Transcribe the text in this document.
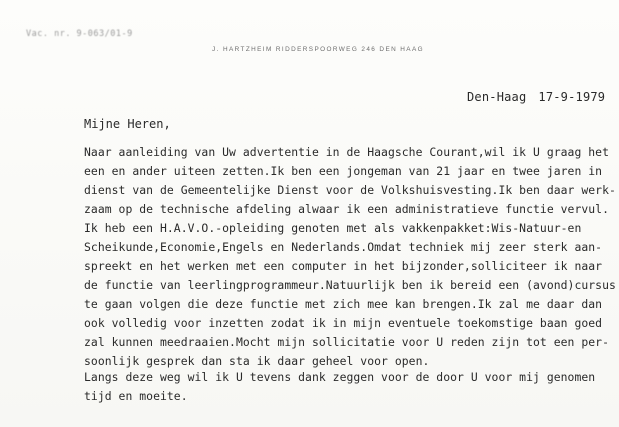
Vac. nr. 9-063/01-9
J. HARTZHEIM RIDDERSPOORWEG 246 DEN HAAG
Den-Haag 17-9-1979
Mijne Heren,
Naar aanleiding van Uw advertentie in de Haagsche Courant,wil ik U graag het
een en ander uiteen zetten.Ik ben een jongeman van 21 jaar en twee jaren in
dienst van de Gemeentelijke Dienst voor de Volkshuisvesting.Ik ben daar werk-
zaam op de technische afdeling alwaar ik een administratieve functie vervul.
Ik heb een H.A.V.O.-opleiding genoten met als vakkenpakket:Wis-Natuur-en
Scheikunde,Economie,Engels en Nederlands.Omdat techniek mij zeer sterk aan-
spreekt en het werken met een computer in het bijzonder,solliciteer ik naar
de functie van leerlingprogrammeur.Natuurlijk ben ik bereid een (avond)cursus
te gaan volgen die deze functie met zich mee kan brengen.Ik zal me daar dan
ook volledig voor inzetten zodat ik in mijn eventuele toekomstige baan goed
zal kunnen meedraaien.Mocht mijn sollicitatie voor U reden zijn tot een per-
soonlijk gesprek dan sta ik daar geheel voor open.
Langs deze weg wil ik U tevens dank zeggen voor de door U voor mij genomen
tijd en moeite.
